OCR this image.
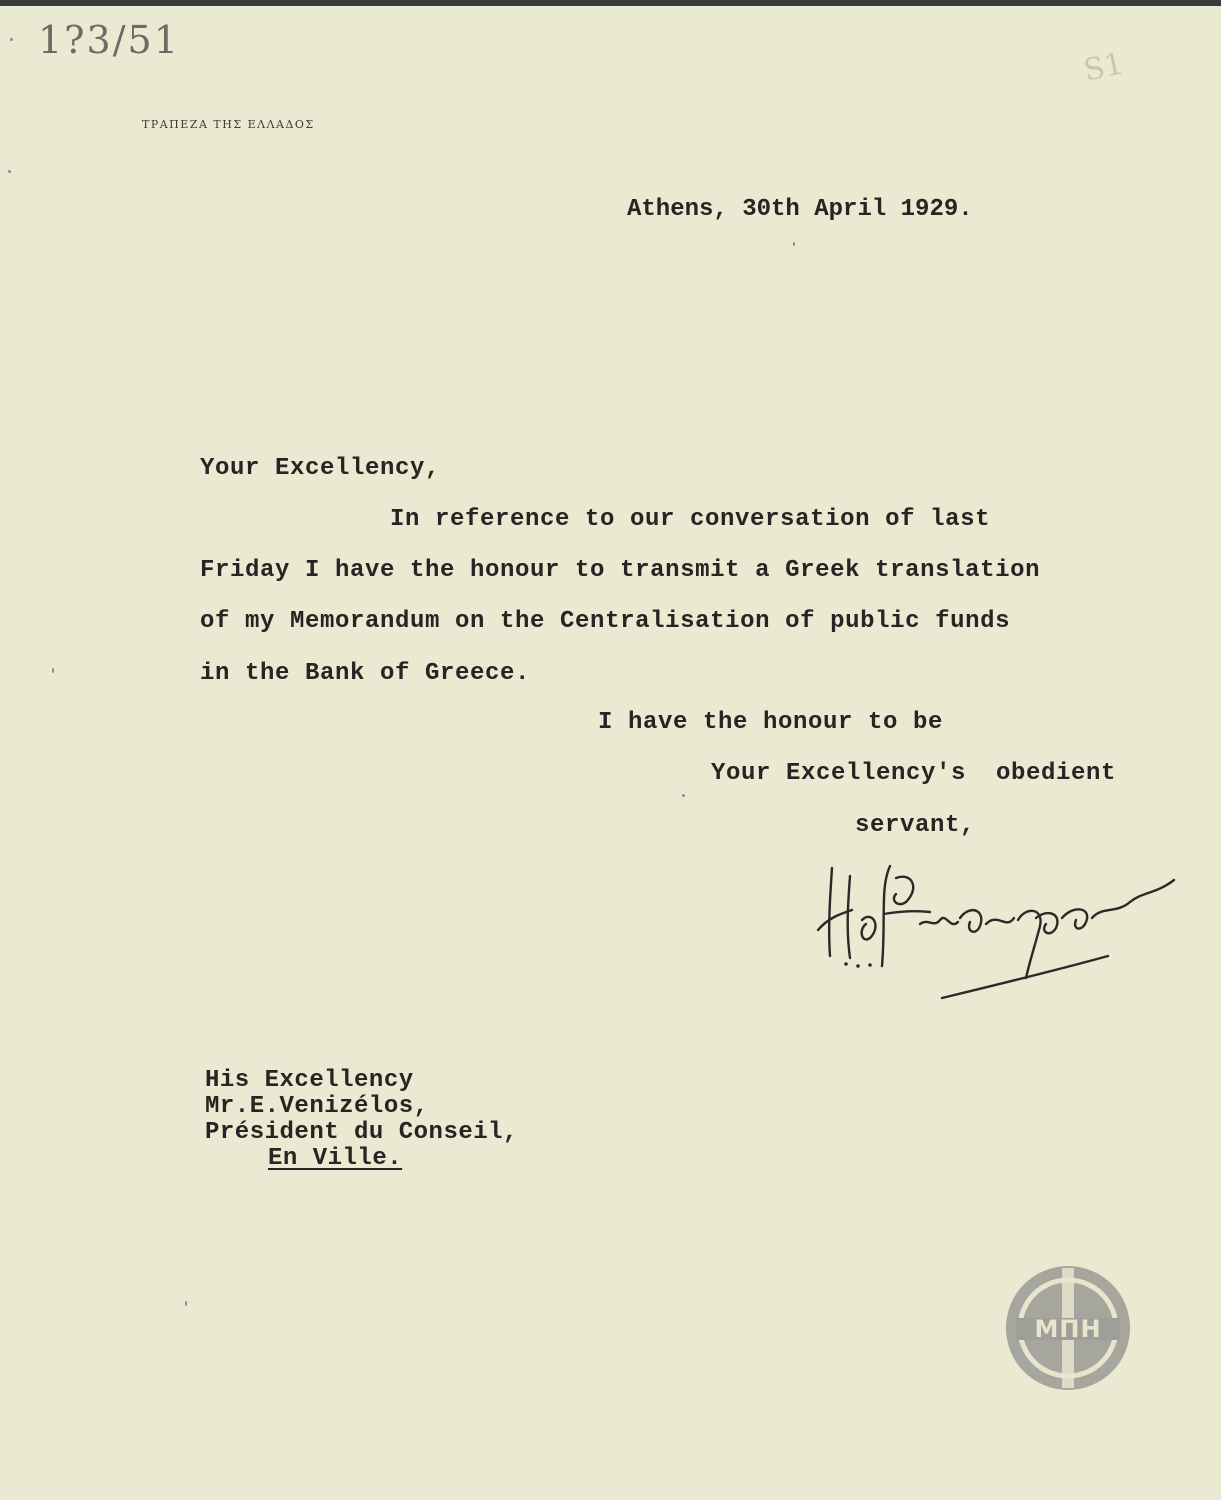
1?3/51
S1
ΤΡΑΠΕΖΑ ΤΗΣ ΕΛΛΑΔΟΣ
Athens, 30th April 1929.
Your Excellency,
In reference to our conversation of last
Friday I have the honour to transmit a Greek translation
of my Memorandum on the Centralisation of public funds
in the Bank of Greece.
I have the honour to be
Your Excellency's  obedient
servant,
His Excellency
Mr.E.Venizélos,
Président du Conseil,
En Ville.
ΜΠΗ
